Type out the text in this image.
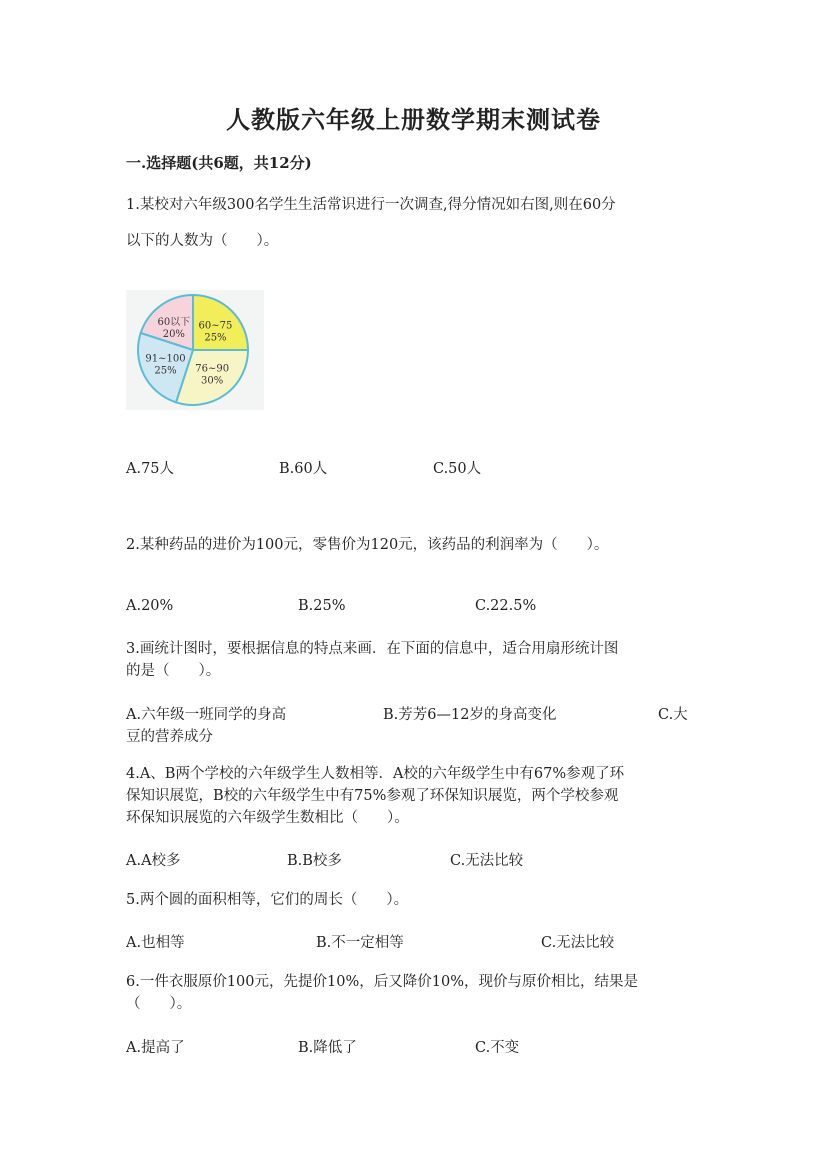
人教版六年级上册数学期末测试卷
一.选择题(共6题，共12分)
1.某校对六年级300名学生生活常识进行一次调查,得分情况如右图,则在60分
以下的人数为（　　）。
60以下
20%
60~75
25%
76~90
30%
91~100
25%
A.75人	B.60人	C.50人
2.某种药品的进价为100元，零售价为120元，该药品的利润率为（　　）。
A.20%	B.25%	C.22.5%
3.画统计图时，要根据信息的特点来画．在下面的信息中，适合用扇形统计图
的是（　　）。
A.六年级一班同学的身高	B.芳芳6—12岁的身高变化	C.大
豆的营养成分
4.A、B两个学校的六年级学生人数相等．A校的六年级学生中有67%参观了环
保知识展览，B校的六年级学生中有75%参观了环保知识展览，两个学校参观
环保知识展览的六年级学生数相比（　　）。
A.A校多	B.B校多	C.无法比较
5.两个圆的面积相等，它们的周长（　　）。
A.也相等	B.不一定相等	C.无法比较
6.一件衣服原价100元，先提价10%，后又降价10%，现价与原价相比，结果是
（　　）。
A.提高了	B.降低了	C.不变
